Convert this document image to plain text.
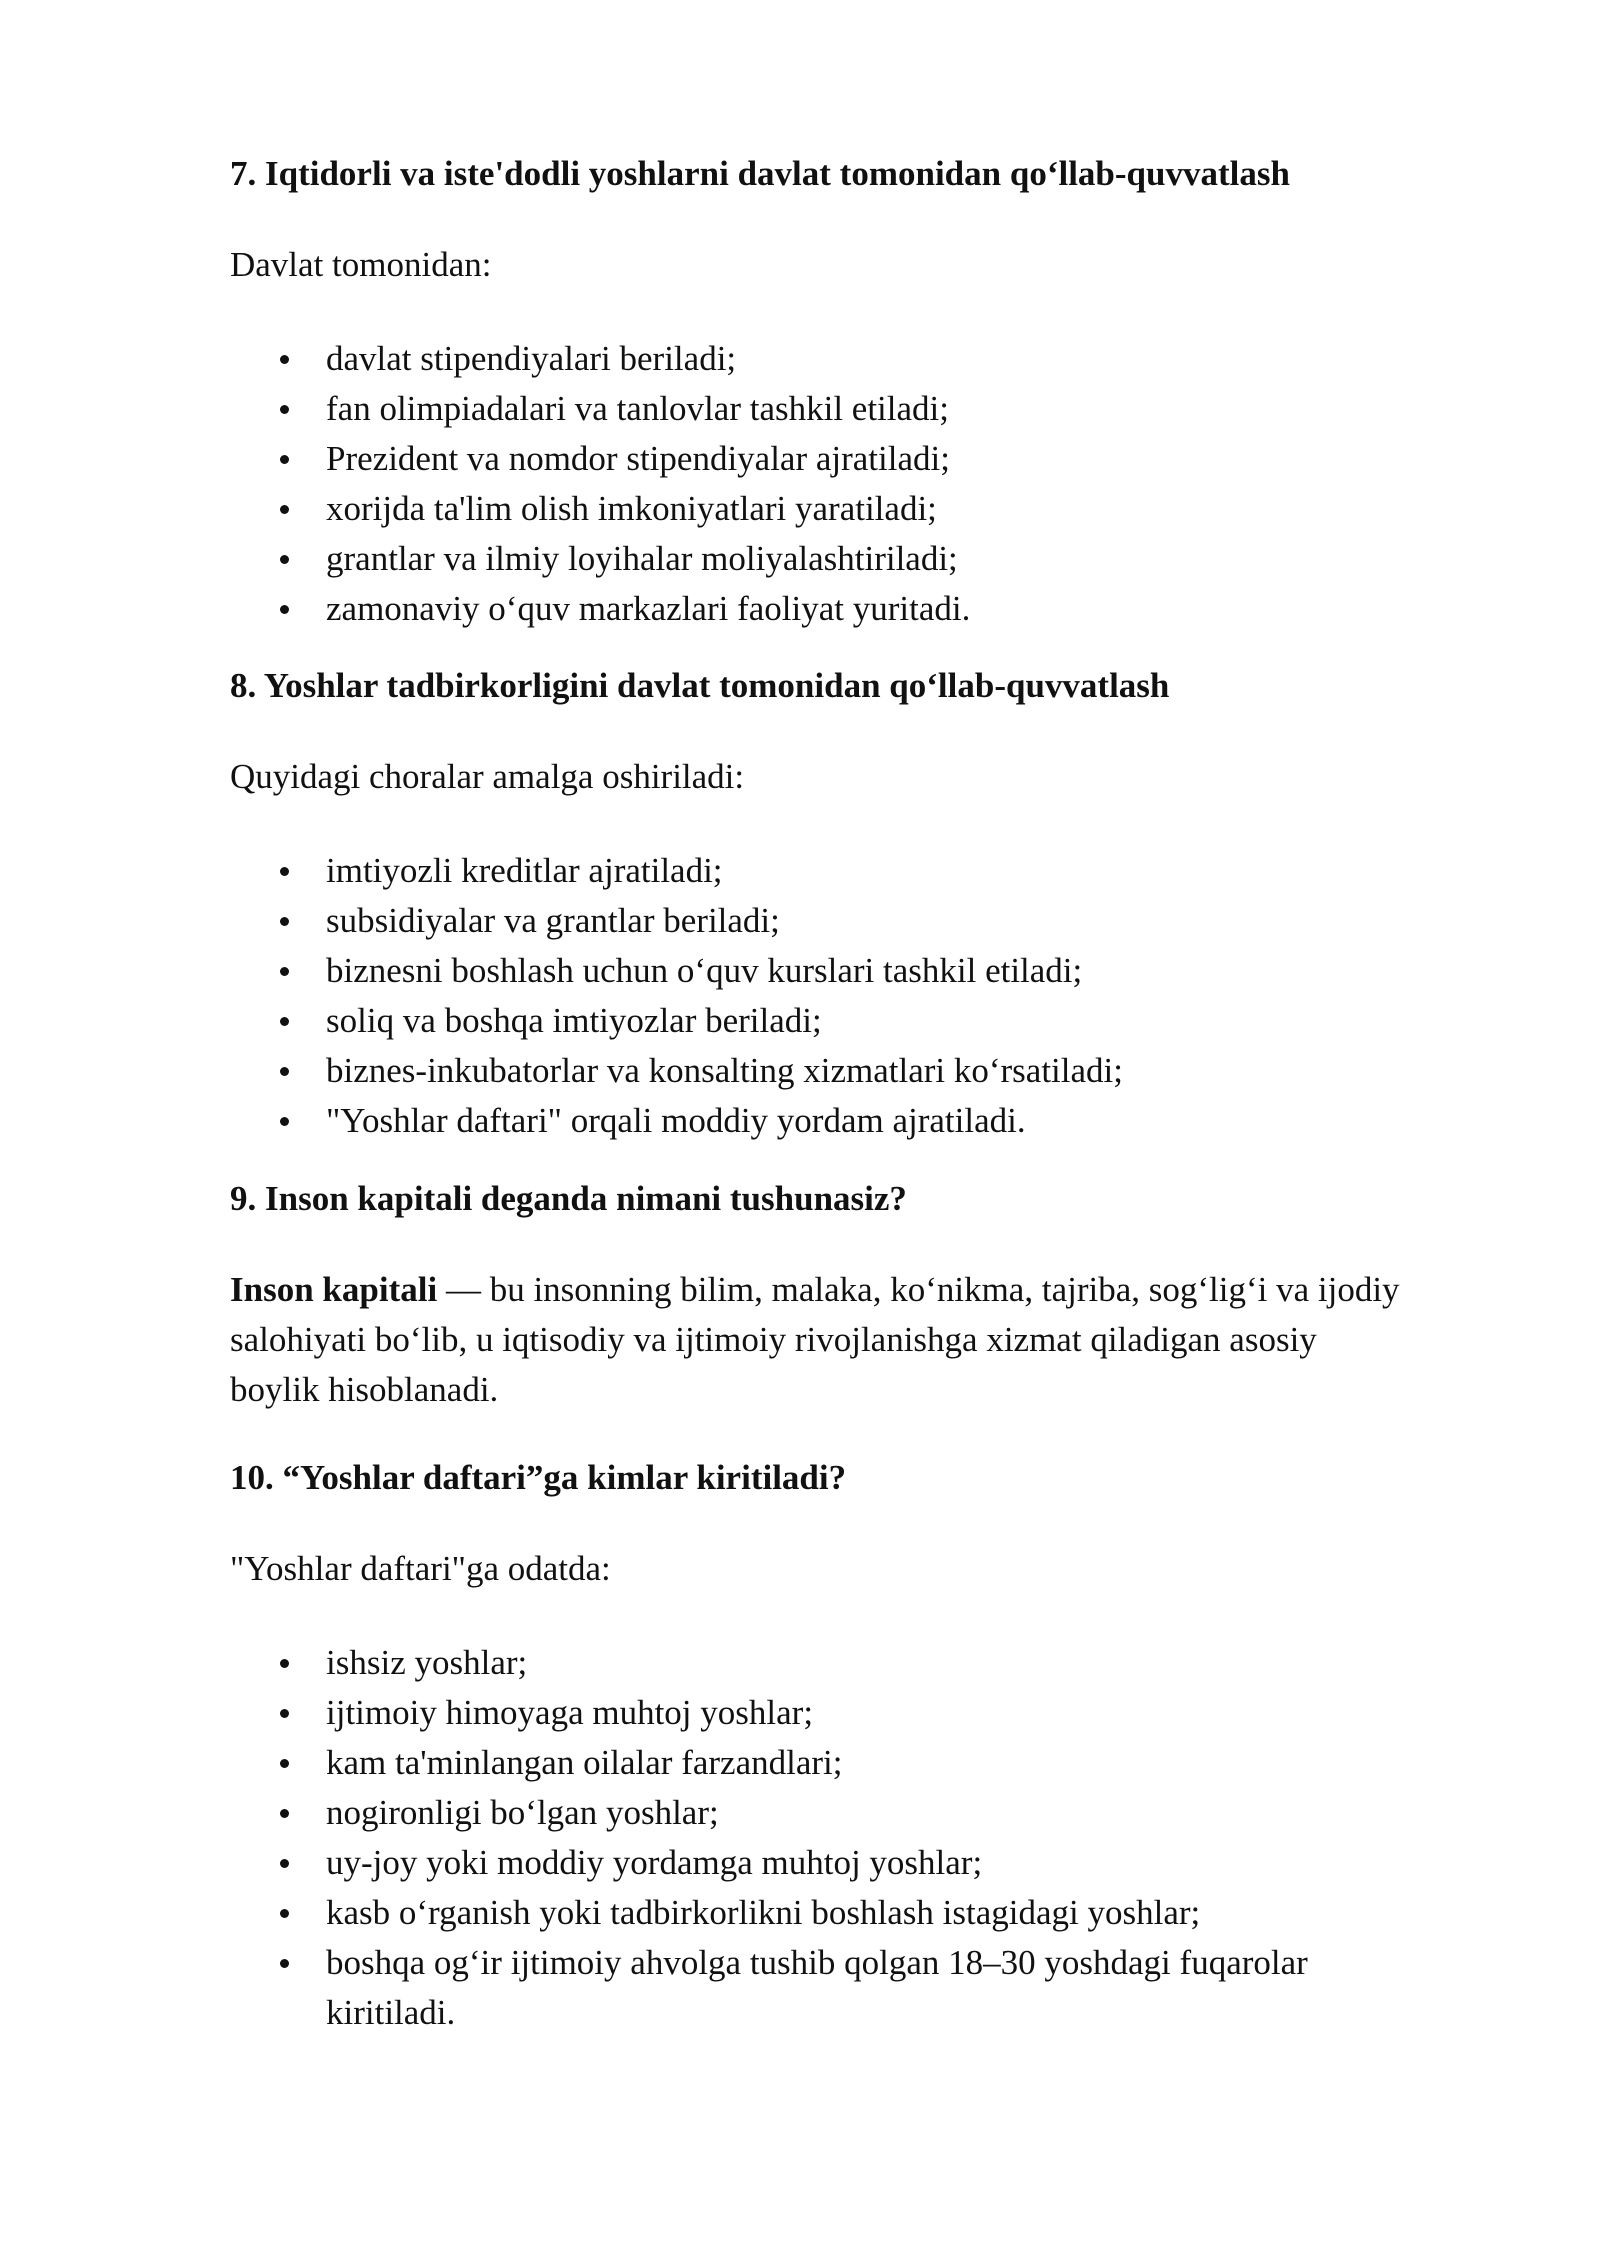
7. Iqtidorli va iste'dodli yoshlarni davlat tomonidan qo‘llab-quvvatlash

Davlat tomonidan:

davlat stipendiyalari beriladi;
fan olimpiadalari va tanlovlar tashkil etiladi;
Prezident va nomdor stipendiyalar ajratiladi;
xorijda ta'lim olish imkoniyatlari yaratiladi;
grantlar va ilmiy loyihalar moliyalashtiriladi;
zamonaviy o‘quv markazlari faoliyat yuritadi.
8. Yoshlar tadbirkorligini davlat tomonidan qo‘llab-quvvatlash

Quyidagi choralar amalga oshiriladi:

imtiyozli kreditlar ajratiladi;
subsidiyalar va grantlar beriladi;
biznesni boshlash uchun o‘quv kurslari tashkil etiladi;
soliq va boshqa imtiyozlar beriladi;
biznes-inkubatorlar va konsalting xizmatlari ko‘rsatiladi;
"Yoshlar daftari" orqali moddiy yordam ajratiladi.
9. Inson kapitali deganda nimani tushunasiz?

Inson kapitali — bu insonning bilim, malaka, ko‘nikma, tajriba, sog‘lig‘i va ijodiy salohiyati bo‘lib, u iqtisodiy va ijtimoiy rivojlanishga xizmat qiladigan asosiy boylik hisoblanadi.

10. “Yoshlar daftari”ga kimlar kiritiladi?

"Yoshlar daftari"ga odatda:

ishsiz yoshlar;
ijtimoiy himoyaga muhtoj yoshlar;
kam ta'minlangan oilalar farzandlari;
nogironligi bo‘lgan yoshlar;
uy-joy yoki moddiy yordamga muhtoj yoshlar;
kasb o‘rganish yoki tadbirkorlikni boshlash istagidagi yoshlar;
boshqa og‘ir ijtimoiy ahvolga tushib qolgan 18–30 yoshdagi fuqarolar kiritiladi.
